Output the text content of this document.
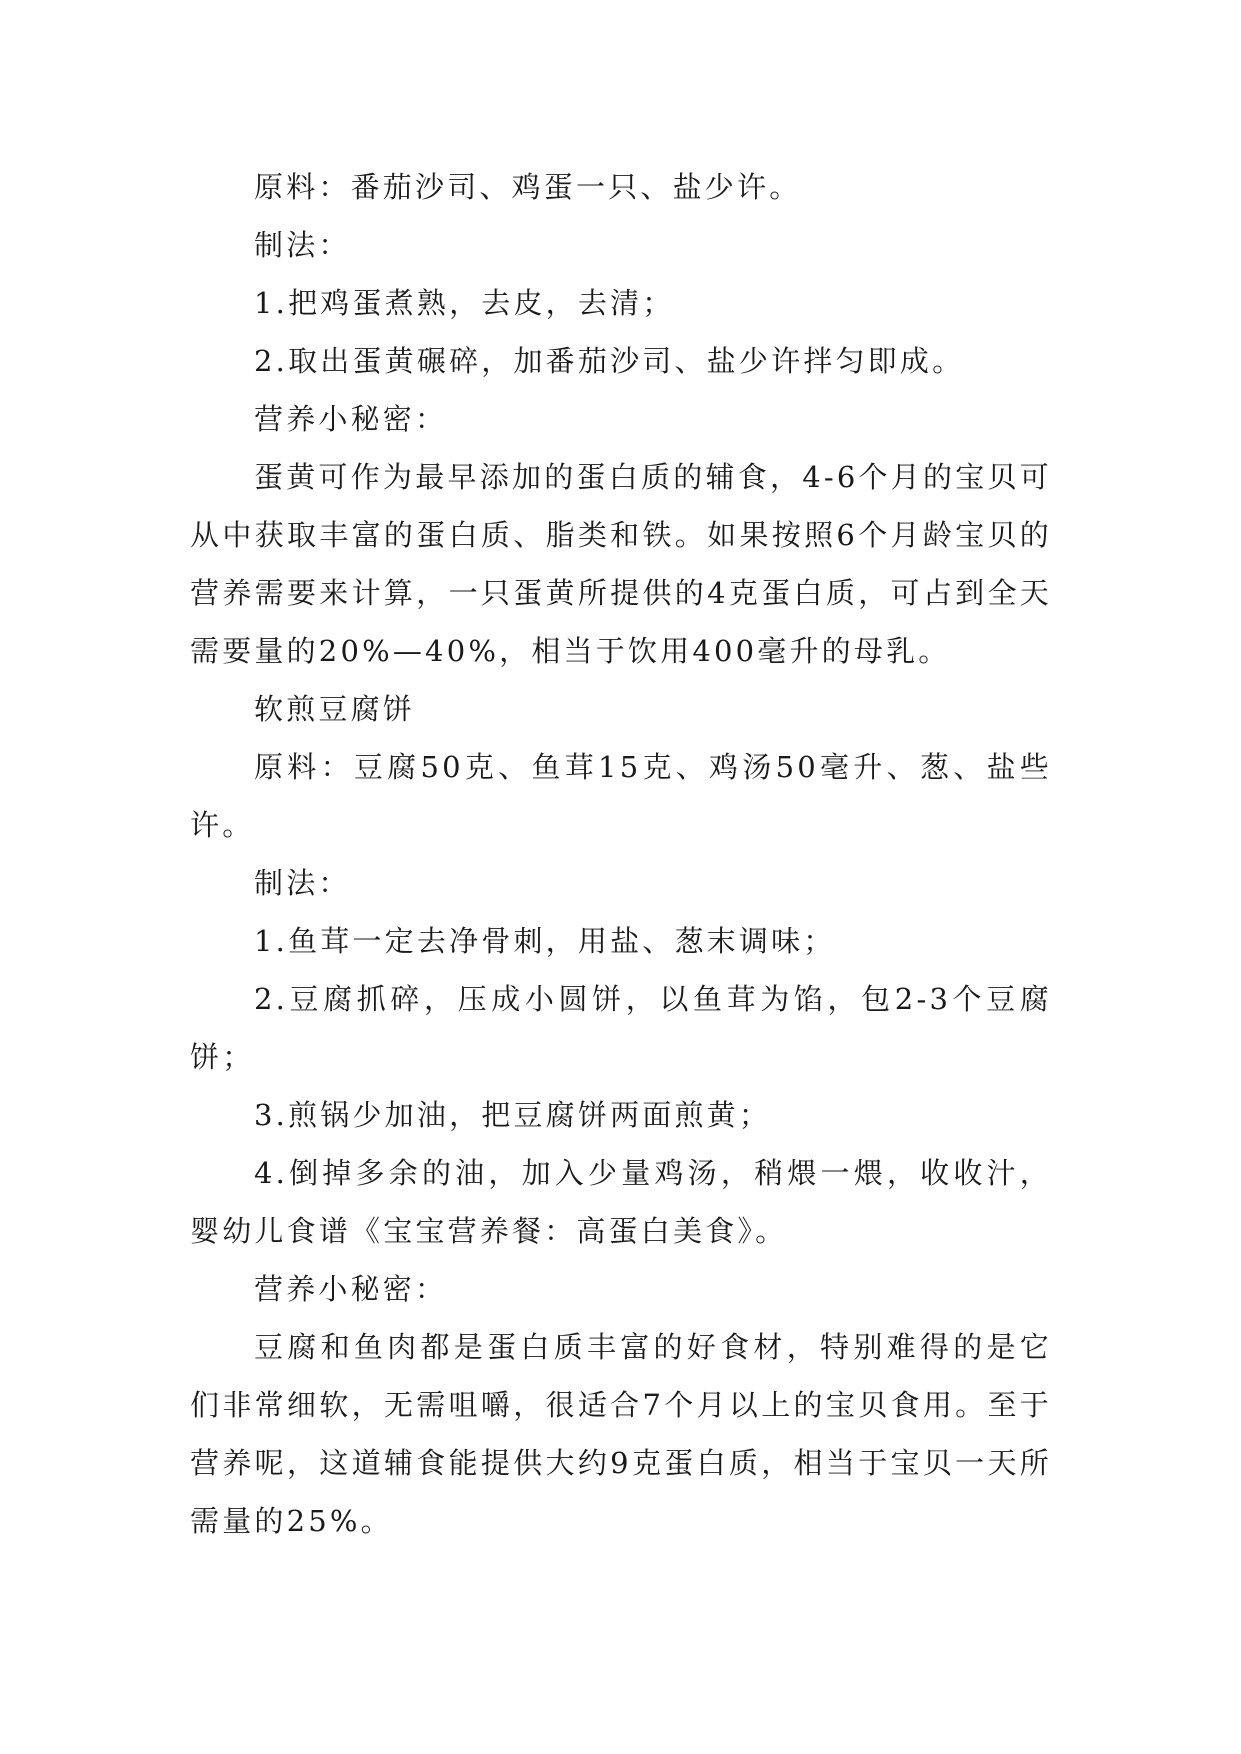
原料：番茄沙司、鸡蛋一只、盐少许。

制法：

1.把鸡蛋煮熟，去皮，去清；

2.取出蛋黄碾碎，加番茄沙司、盐少许拌匀即成。

营养小秘密：

蛋黄可作为最早添加的蛋白质的辅食，4-6个月的宝贝可从中获取丰富的蛋白质、脂类和铁。如果按照6个月龄宝贝的营养需要来计算，一只蛋黄所提供的4克蛋白质，可占到全天需要量的20%—40%，相当于饮用400毫升的母乳。

软煎豆腐饼

原料：豆腐50克、鱼茸15克、鸡汤50毫升、葱、盐些许。

制法：

1.鱼茸一定去净骨刺，用盐、葱末调味；

2.豆腐抓碎，压成小圆饼，以鱼茸为馅，包2-3个豆腐饼；

3.煎锅少加油，把豆腐饼两面煎黄；

4.倒掉多余的油，加入少量鸡汤，稍煨一煨，收收汁，婴幼儿食谱《宝宝营养餐：高蛋白美食》。

营养小秘密：

豆腐和鱼肉都是蛋白质丰富的好食材，特别难得的是它们非常细软，无需咀嚼，很适合7个月以上的宝贝食用。至于营养呢，这道辅食能提供大约9克蛋白质，相当于宝贝一天所需量的25%。
